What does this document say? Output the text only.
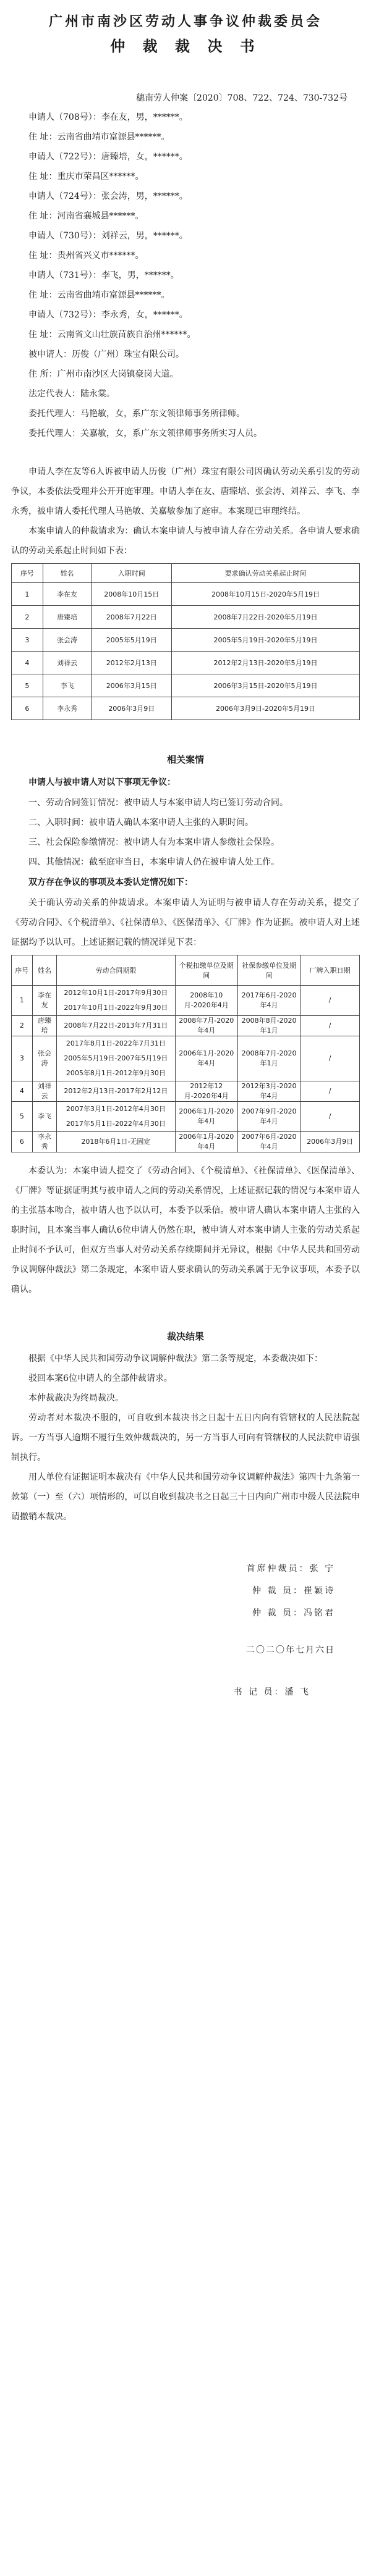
广州市南沙区劳动人事争议仲裁委员会
仲 裁 裁 决 书

穗南劳人仲案〔2020〕708、722、724、730-732号

申请人（708号）：李在友，男，******。

住 址：云南省曲靖市富源县******。

申请人（722号）：唐臻培，女，******。

住 址：重庆市荣昌区******。

申请人（724号）：张会涛，男，******。

住 址：河南省襄城县******。

申请人（730号）：刘祥云，男，******。

住 址：贵州省兴义市******。

申请人（731号）：李飞，男，******。

住 址：云南省曲靖市富源县******。

申请人（732号）：李永秀，女，******。

住 址：云南省文山壮族苗族自治州******。

被申请人：历俊（广州）珠宝有限公司。

住 所：广州市南沙区大岗镇豪岗大道。

法定代表人：陆永棠。

委托代理人：马艳敏，女，系广东文领律师事务所律师。

委托代理人：关嘉敏，女，系广东文领律师事务所实习人员。

申请人李在友等6人诉被申请人历俊（广州）珠宝有限公司因确认劳动关系引发的劳动争议，本委依法受理并公开开庭审理。申请人李在友、唐臻培、张会涛、刘祥云、李飞、李永秀，被申请人委托代理人马艳敏、关嘉敏参加了庭审。本案现已审理终结。

本案申请人的仲裁请求为：确认本案申请人与被申请人存在劳动关系。各申请人要求确认的劳动关系起止时间如下表：

序号	姓名	入职时间	要求确认劳动关系起止时间
1	李在友	2008年10月15日	2008年10月15日-2020年5月19日
2	唐臻培	2008年7月22日	2008年7月22日-2020年5月19日
3	张会涛	2005年5月19日	2005年5月19日-2020年5月19日
4	刘祥云	2012年2月13日	2012年2月13日-2020年5月19日
5	李飞	2006年3月15日	2006年3月15日-2020年5月19日
6	李永秀	2006年3月9日	2006年3月9日-2020年5月19日
相关案情

申请人与被申请人对以下事项无争议：

一、劳动合同签订情况：被申请人与本案申请人均已签订劳动合同。

二、入职时间：被申请人确认本案申请人主张的入职时间。

三、社会保险参缴情况：被申请人有为本案申请人参缴社会保险。

四、其他情况：截至庭审当日，本案申请人仍在被申请人处工作。

双方存在争议的事项及本委认定情况如下：

关于确认劳动关系的仲裁请求。本案申请人为证明与被申请人存在劳动关系，提交了《劳动合同》、《个税清单》、《社保清单》、《医保清单》、《厂牌》作为证据。被申请人对上述证据均予以认可。上述证据记载的情况详见下表：

序号	姓名	劳动合同期限	个税扣缴单位及期间	社保参缴单位及期间	厂牌入职日期
1	李在友	2012年10月1日-2017年9月30日
2017年10月1日-2022年9月30日	2008年10月-2020年4月	2017年6月-2020年4月	/
2	唐臻培	2008年7月22日-2013年7月31日	2008年7月-2020年4月	2008年8月-2020年1月	/
3	张会涛	2017年8月1日-2022年7月31日
2005年5月19日-2007年5月19日
2005年8月1日-2012年9月30日	2006年1月-2020年4月	2008年7月-2020年1月	/
4	刘祥云	2012年2月13日-2017年2月12日	2012年12月-2020年4月	2012年3月-2020年4月	/
5	李飞	2007年3月1日-2012年4月30日
2017年5月1日-2022年4月30日	2006年1月-2020年4月	2007年9月-2020年4月	/
6	李永秀	2018年6月1日-无固定	2006年1月-2020年4月	2007年6月-2020年4月	2006年3月9日

本委认为：本案申请人提交了《劳动合同》、《个税清单》、《社保清单》、《医保清单》、《厂牌》等证据证明其与被申请人之间的劳动关系情况，上述证据记载的情况与本案申请人的主张基本吻合，被申请人也予以认可，本委予以采信。被申请人确认本案申请人主张的入职时间，且本案当事人确认6位申请人仍然在职，被申请人对本案申请人主张的劳动关系起止时间不予认可，但双方当事人对劳动关系存续期间并无异议，根据《中华人民共和国劳动争议调解仲裁法》第二条规定，本案申请人要求确认的劳动关系属于无争议事项，本委予以确认。

裁决结果

根据《中华人民共和国劳动争议调解仲裁法》第二条等规定，本委裁决如下：

驳回本案6位申请人的全部仲裁请求。

本仲裁裁决为终局裁决。

劳动者对本裁决不服的，可自收到本裁决书之日起十五日内向有管辖权的人民法院起诉。一方当事人逾期不履行生效仲裁裁决的，另一方当事人可向有管辖权的人民法院申请强制执行。

用人单位有证据证明本裁决有《中华人民共和国劳动争议调解仲裁法》第四十九条第一款第（一）至（六）项情形的，可以自收到裁决书之日起三十日内向广州市中级人民法院申请撤销本裁决。

首席仲裁员：张 宁

仲 裁 员：崔颖诗

仲 裁 员：冯铭君

二〇二〇年七月六日

书 记 员：潘 飞
